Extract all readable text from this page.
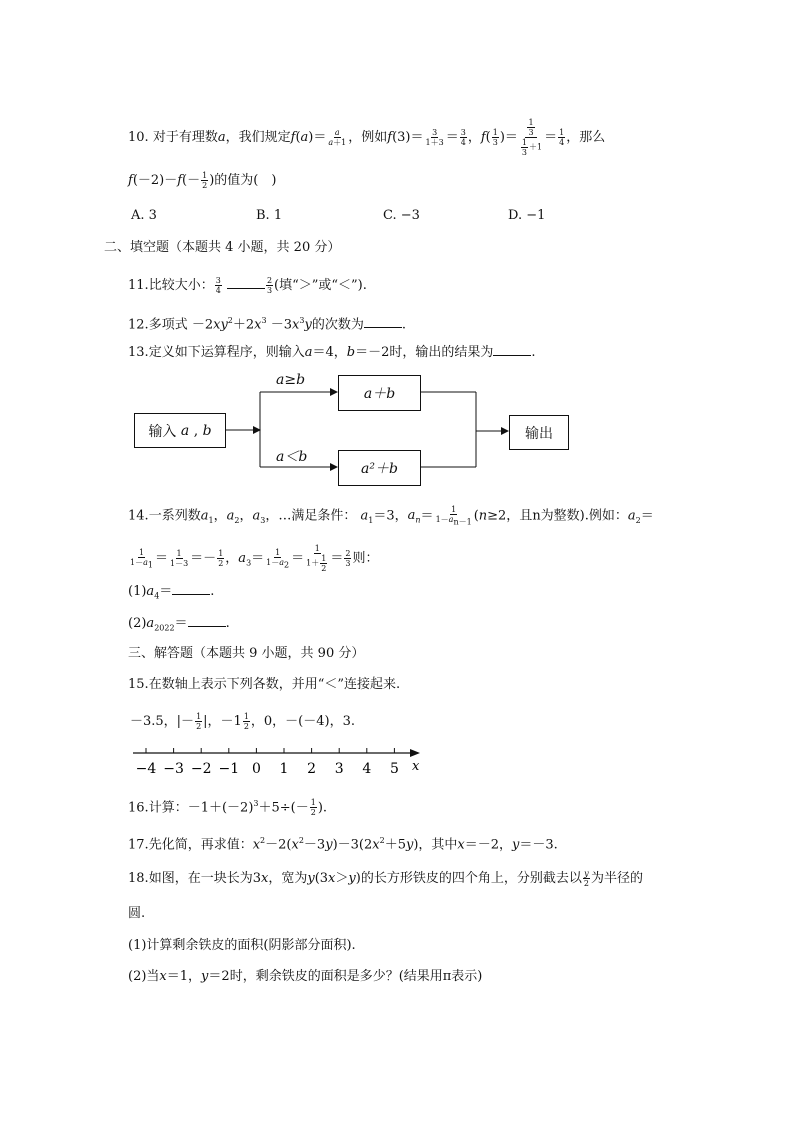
10. 对于有理数a，我们规定$f(a)= \frac{a}{a+1}$ ，例如$f(3)= \frac{3}{1+3} = \frac{3}{4}$ ，$f( \frac{1}{3}$ )＝ $\frac{\frac{1}{3}}{\frac{1}{3} +1} = \frac{1}{4}$ ，那么
$f(-2)-f(- \frac{1}{2}$ )的值为(　)
A. 3	B. 1	C. −3	D. −1
二、填空题（本题共 4 小题，共 20 分）
11.比较大小： $\frac{3}{4}$
	$\frac{2}{3}$ (填“＞”或“＜”).
12.多项式 $-2xy^2+2x^3 -3x^3y$的次数为	.
13.定义如下运算程序，则输入a＝4，b＝－2时，输出的结果为	.
输入 a , b
a≥b
a＜b
a＋b
a²＋b
输出
14.一系列数$a_1$，$a_2$，$a_3$，…满足条件： $a_1=3$，$a_n= \frac{1}{1-a_{n-1}} (n\ge 2$，且n为整数).例如：$a_2=$
$\frac{1}{1-a_1} = \frac{1}{1-3} =- \frac{1}{2}$ ，$a_3= \frac{1}{1-a_2} = \frac{1}{1+ \frac{1}{2}} = \frac{2}{3}$ 则：
$(1)a_4=$	.
$(2)a_{2022}=$	.
三、解答题（本题共 9 小题，共 90 分）
15.在数轴上表示下列各数，并用“＜”连接起来.
－3.5，|－ $\frac{1}{2}$ |，$-1 \frac{1}{2}$ ，0，－(－4)，3.
−4 −3 −2 −1 0 1 2 3 4 5 x
16.计算：$-1+(-2)^3+5\div(- \frac{1}{2}$ ).
17.先化简，再求值：$x^2-2(x^2-3y)-3(2x^2+5y)$，其中x＝－2，y＝－3.
18.如图，在一块长为3x，宽为y(3x＞y)的长方形铁皮的四个角上，分别截去以 $\frac{y}{2}$ 为半径的
圆.
(1)计算剩余铁皮的面积(阴影部分面积).
(2)当x＝1，y＝2时，剩余铁皮的面积是多少？(结果用π表示)
